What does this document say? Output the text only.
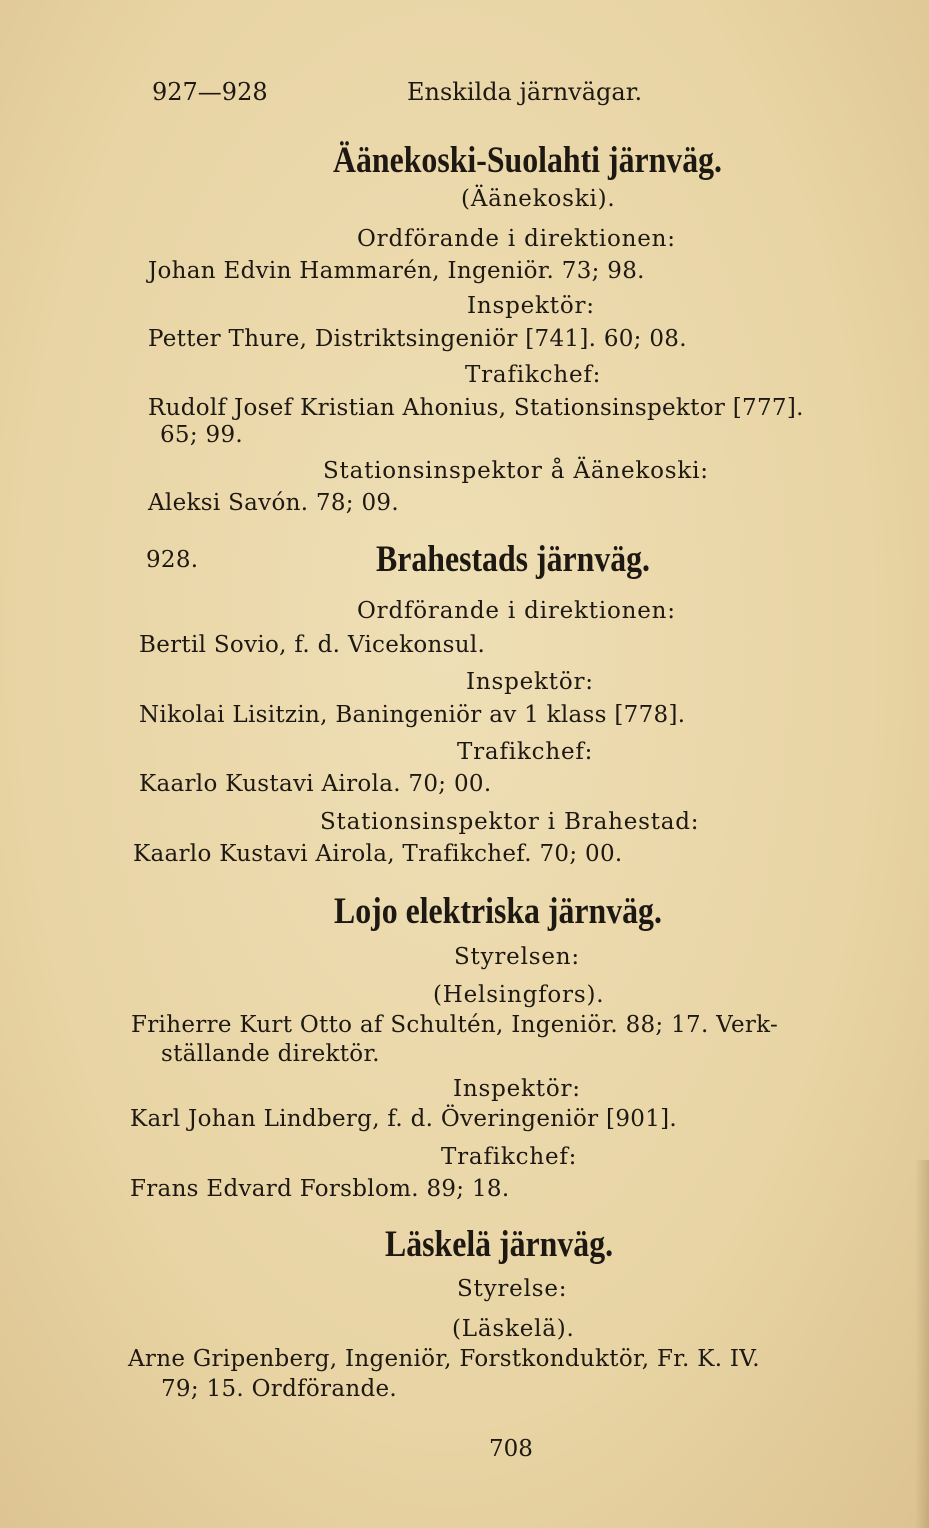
927—928	Enskilda järnvägar.
Äänekoski-Suolahti järnväg.
(Äänekoski).
Ordförande i direktionen:
Johan Edvin Hammarén, Ingeniör. 73; 98.
Inspektör:
Petter Thure, Distriktsingeniör [741]. 60; 08.
Trafikchef:
Rudolf Josef Kristian Ahonius, Stationsinspektor [777].
65; 99.
Stationsinspektor å Äänekoski:
Aleksi Savón. 78; 09.
928.	Brahestads järnväg.
Ordförande i direktionen:
Bertil Sovio, f. d. Vicekonsul.
Inspektör:
Nikolai Lisitzin, Baningeniör av 1 klass [778].
Trafikchef:
Kaarlo Kustavi Airola. 70; 00.
Stationsinspektor i Brahestad:
Kaarlo Kustavi Airola, Trafikchef. 70; 00.
Lojo elektriska järnväg.
Styrelsen:
(Helsingfors).
Friherre Kurt Otto af Schultén, Ingeniör. 88; 17. Verk-
ställande direktör.
Inspektör:
Karl Johan Lindberg, f. d. Överingeniör [901].
Trafikchef:
Frans Edvard Forsblom. 89; 18.
Läskelä järnväg.
Styrelse:
(Läskelä).
Arne Gripenberg, Ingeniör, Forstkonduktör, Fr. K. IV.
79; 15. Ordförande.
708
